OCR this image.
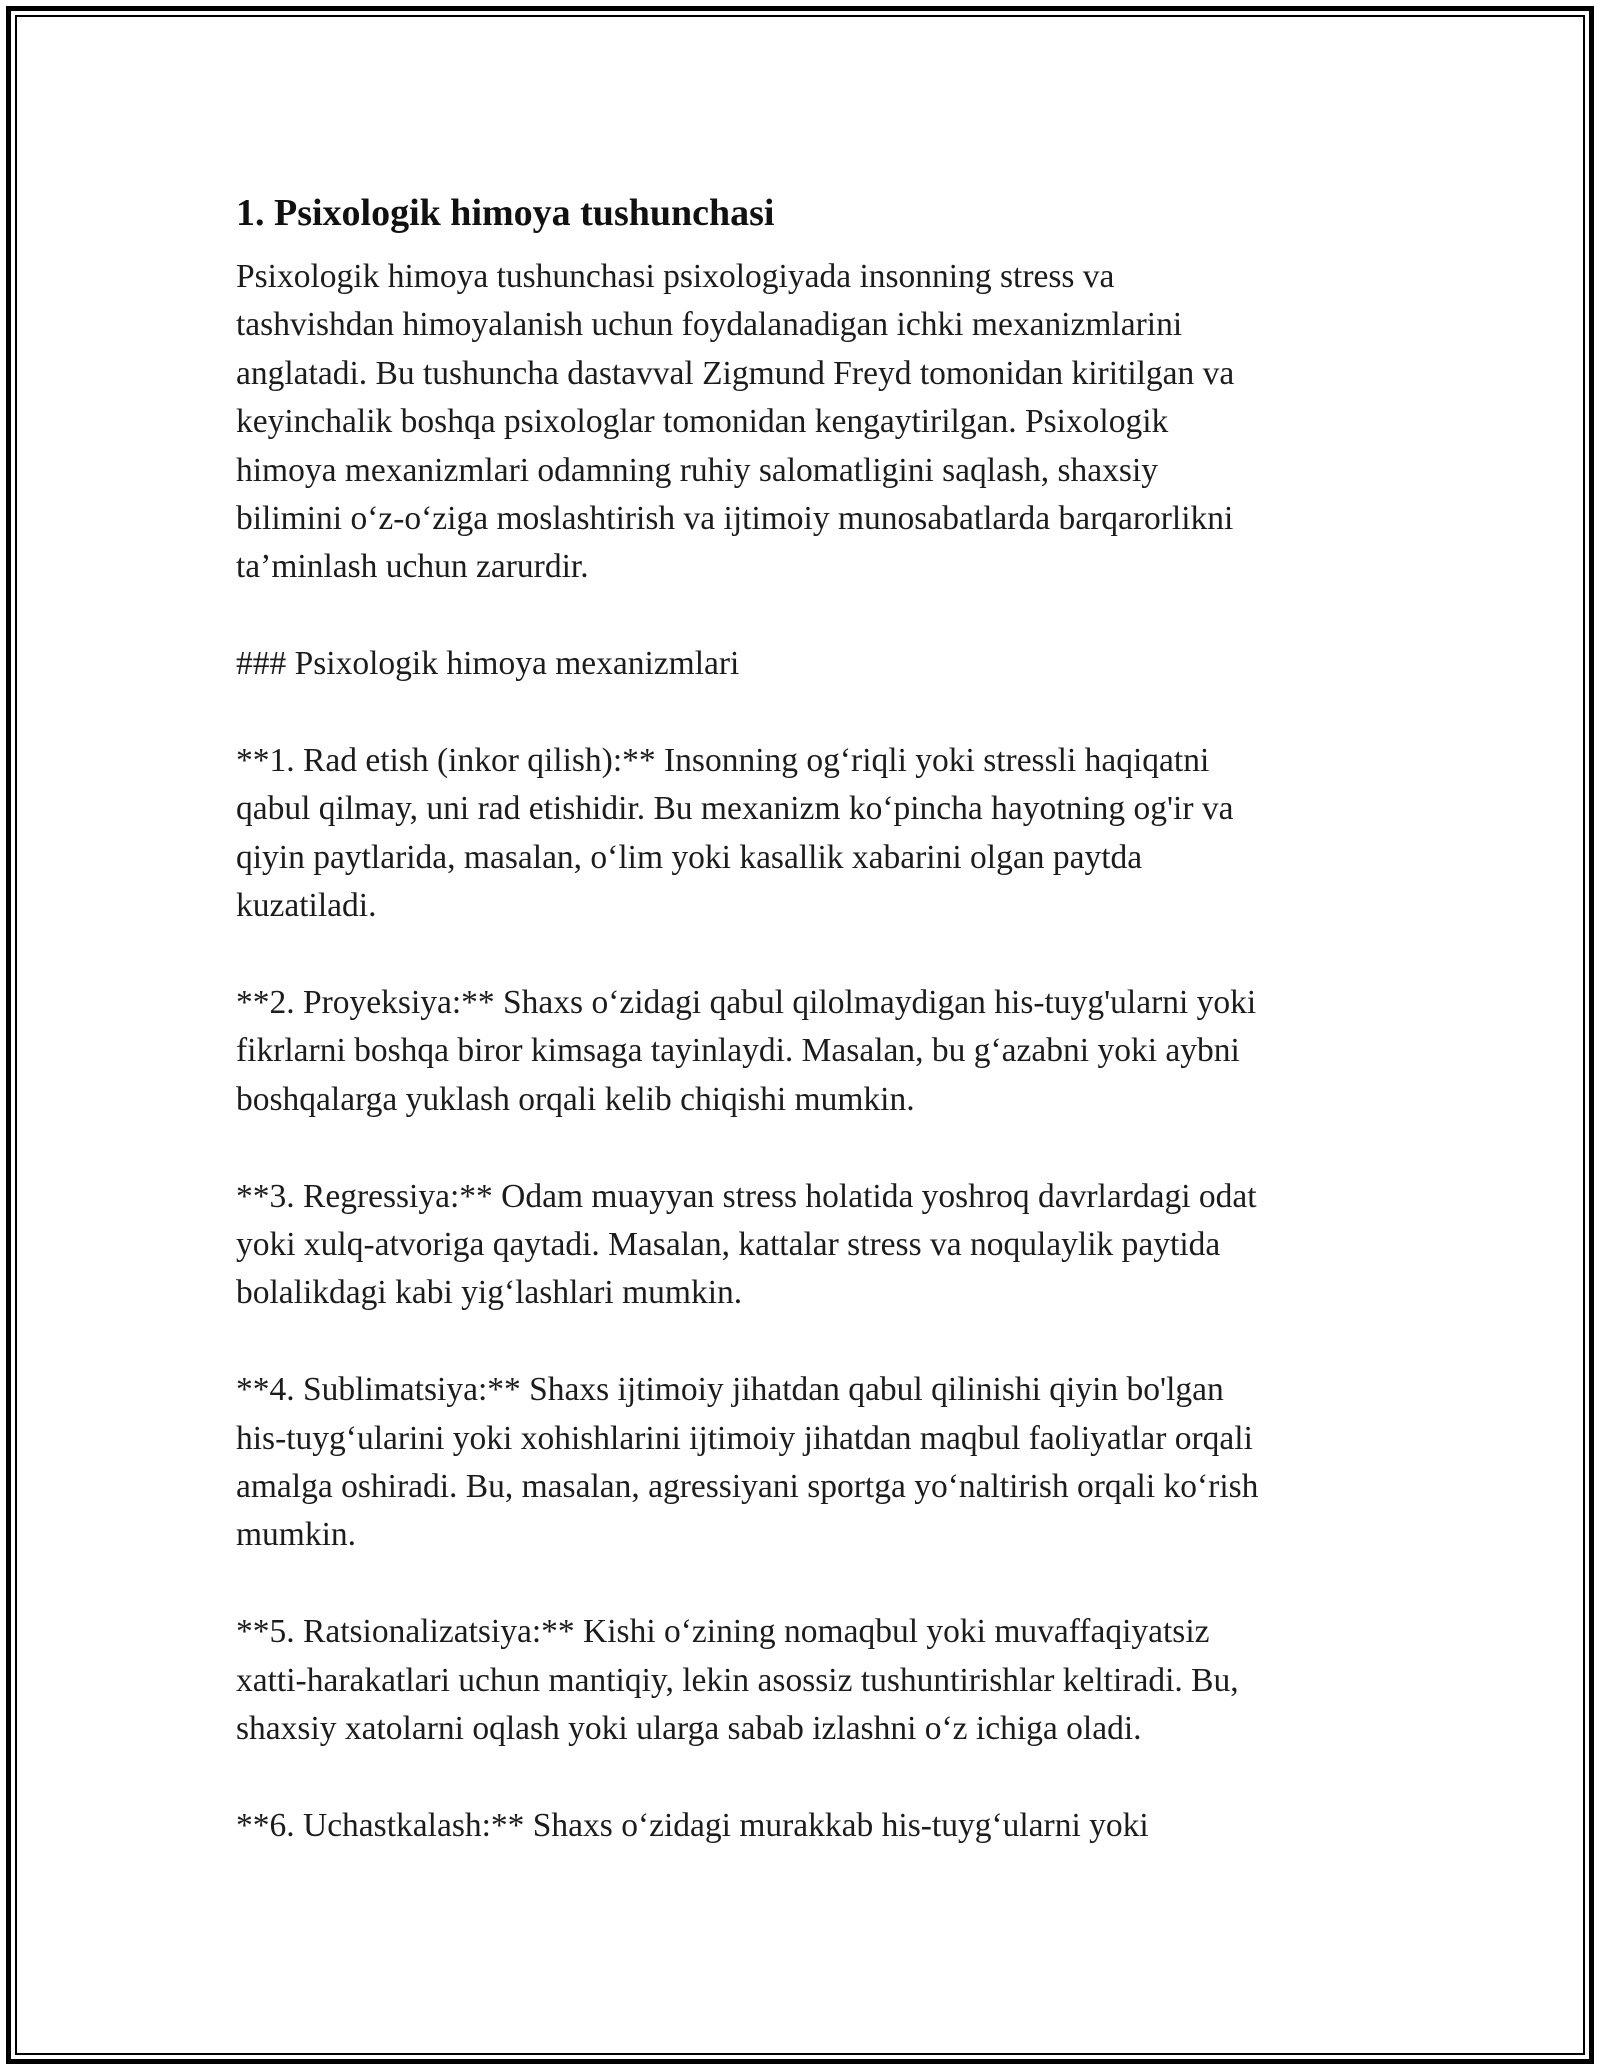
1. Psixologik himoya tushunchasi
Psixologik himoya tushunchasi psixologiyada insonning stress va
tashvishdan himoyalanish uchun foydalanadigan ichki mexanizmlarini
anglatadi. Bu tushuncha dastavval Zigmund Freyd tomonidan kiritilgan va
keyinchalik boshqa psixologlar tomonidan kengaytirilgan. Psixologik
himoya mexanizmlari odamning ruhiy salomatligini saqlash, shaxsiy
bilimini o‘z-o‘ziga moslashtirish va ijtimoiy munosabatlarda barqarorlikni
ta’minlash uchun zarurdir.
### Psixologik himoya mexanizmlari
**1. Rad etish (inkor qilish):** Insonning og‘riqli yoki stressli haqiqatni
qabul qilmay, uni rad etishidir. Bu mexanizm ko‘pincha hayotning og'ir va
qiyin paytlarida, masalan, o‘lim yoki kasallik xabarini olgan paytda
kuzatiladi.
**2. Proyeksiya:** Shaxs o‘zidagi qabul qilolmaydigan his-tuyg'ularni yoki
fikrlarni boshqa biror kimsaga tayinlaydi. Masalan, bu g‘azabni yoki aybni
boshqalarga yuklash orqali kelib chiqishi mumkin.
**3. Regressiya:** Odam muayyan stress holatida yoshroq davrlardagi odat
yoki xulq-atvoriga qaytadi. Masalan, kattalar stress va noqulaylik paytida
bolalikdagi kabi yig‘lashlari mumkin.
**4. Sublimatsiya:** Shaxs ijtimoiy jihatdan qabul qilinishi qiyin bo'lgan
his-tuyg‘ularini yoki xohishlarini ijtimoiy jihatdan maqbul faoliyatlar orqali
amalga oshiradi. Bu, masalan, agressiyani sportga yo‘naltirish orqali ko‘rish
mumkin.
**5. Ratsionalizatsiya:** Kishi o‘zining nomaqbul yoki muvaffaqiyatsiz
xatti-harakatlari uchun mantiqiy, lekin asossiz tushuntirishlar keltiradi. Bu,
shaxsiy xatolarni oqlash yoki ularga sabab izlashni o‘z ichiga oladi.
**6. Uchastkalash:** Shaxs o‘zidagi murakkab his-tuyg‘ularni yoki
